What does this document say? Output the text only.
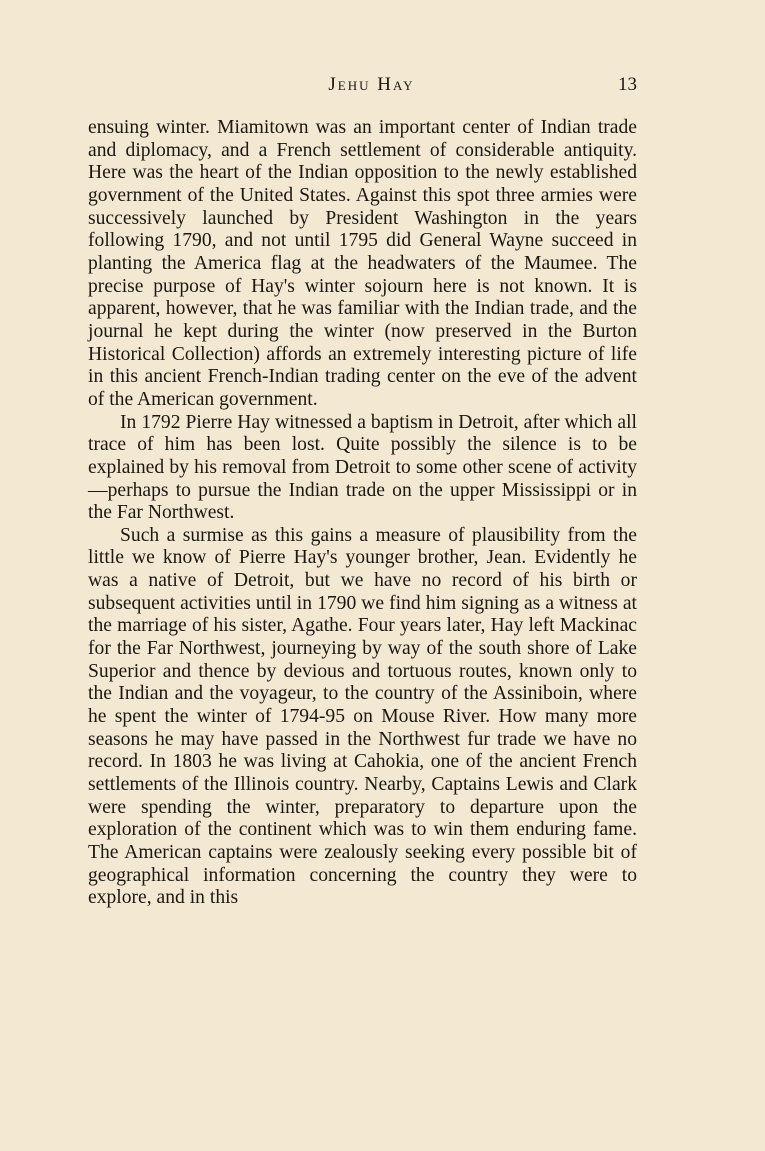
Jehu Hay	13

ensuing winter. Miamitown was an important center of Indian trade and diplomacy, and a French settlement of considerable antiquity. Here was the heart of the Indian opposition to the newly established government of the United States. Against this spot three armies were successively launched by President Washington in the years following 1790, and not until 1795 did General Wayne succeed in planting the America flag at the headwaters of the Maumee. The precise purpose of Hay's winter sojourn here is not known. It is apparent, however, that he was familiar with the Indian trade, and the journal he kept during the winter (now preserved in the Burton Historical Collection) affords an extremely interesting picture of life in this ancient French-Indian trading center on the eve of the advent of the American government.

In 1792 Pierre Hay witnessed a baptism in Detroit, after which all trace of him has been lost. Quite possibly the silence is to be explained by his removal from Detroit to some other scene of activity—perhaps to pursue the Indian trade on the upper Mississippi or in the Far Northwest.

Such a surmise as this gains a measure of plausibility from the little we know of Pierre Hay's younger brother, Jean. Evidently he was a native of Detroit, but we have no record of his birth or subsequent activities until in 1790 we find him signing as a witness at the marriage of his sister, Agathe. Four years later, Hay left Mackinac for the Far Northwest, journeying by way of the south shore of Lake Superior and thence by devious and tortuous routes, known only to the Indian and the voyageur, to the country of the Assiniboin, where he spent the winter of 1794-95 on Mouse River. How many more seasons he may have passed in the Northwest fur trade we have no record. In 1803 he was living at Cahokia, one of the ancient French settlements of the Illinois country. Nearby, Captains Lewis and Clark were spending the winter, preparatory to departure upon the exploration of the continent which was to win them enduring fame. The American captains were zealously seeking every possible bit of geographical information concerning the country they were to explore, and in this
